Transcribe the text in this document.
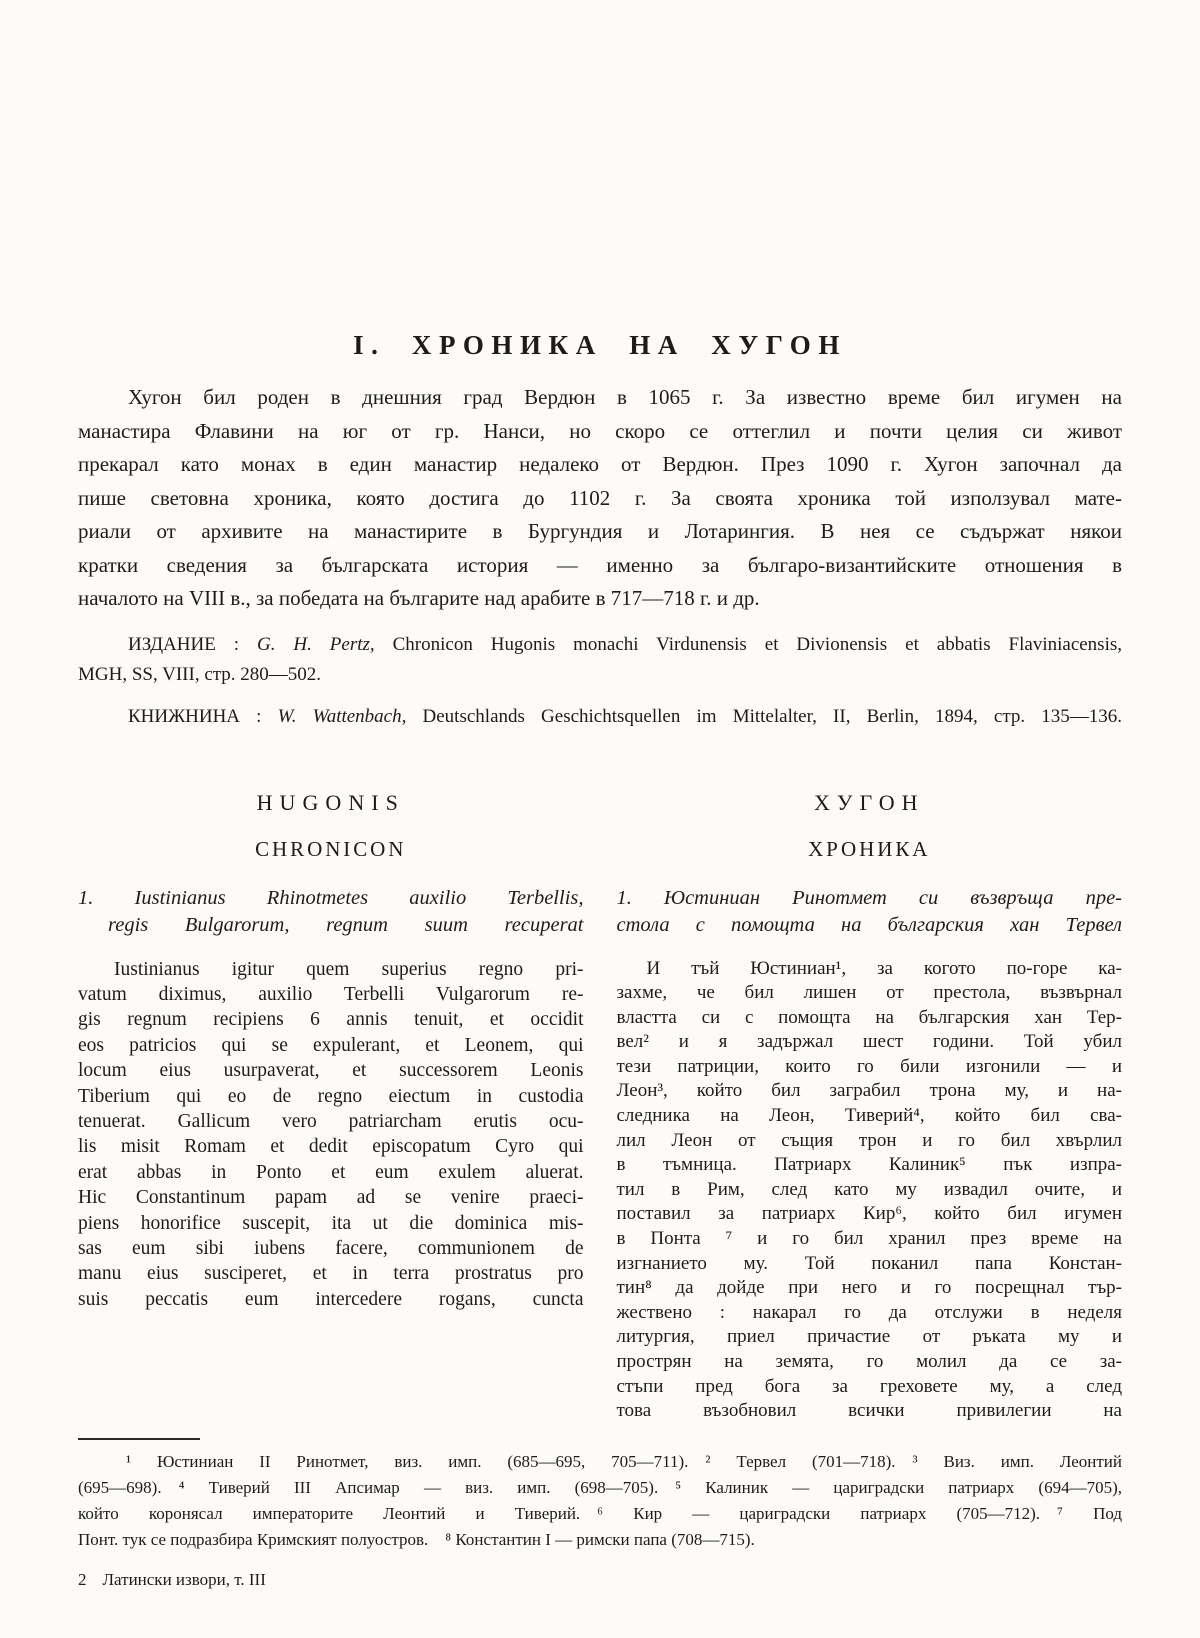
I. ХРОНИКА НА ХУГОН
Хугон бил роден в днешния град Вердюн в 1065 г. За известно време бил игумен на
манастира Флавини на юг от гр. Нанси, но скоро се оттеглил и почти целия си живот
прекарал като монах в един манастир недалеко от Вердюн. През 1090 г. Хугон започнал да
пише световна хроника, която достига до 1102 г. За своята хроника той използувал мате-
риали от архивите на манастирите в Бургундия и Лотарингия. В нея се съдържат някои
кратки сведения за българската история — именно за българо-византийските отношения в
началото на VIII в., за победата на българите над арабите в 717—718 г. и др.

ИЗДАНИЕ : G. H. Pertz, Chronicon Hugonis monachi Virdunensis et Divionensis et abbatis Flaviniacensis,

MGH, SS, VIII, стр. 280—502.

КНИЖНИНА : W. Wattenbach, Deutschlands Geschichtsquellen im Mittelalter, II, Berlin, 1894, стр. 135—136.

HUGONIS
CHRONICON
1. Iustinianus Rhinotmetes auxilio Terbellis,
regis Bulgarorum, regnum suum recuperat
Iustinianus igitur quem superius regno pri-
vatum diximus, auxilio Terbelli Vulgarorum re-
gis regnum recipiens 6 annis tenuit, et occidit
eos patricios qui se expulerant, et Leonem, qui
locum eius usurpaverat, et successorem Leonis
Tiberium qui eo de regno eiectum in custodia
tenuerat. Gallicum vero patriarcham erutis ocu-
lis misit Romam et dedit episcopatum Cyro qui
erat abbas in Ponto et eum exulem aluerat.
Hic Constantinum papam ad se venire praeci-
piens honorifice suscepit, ita ut die dominica mis-
sas eum sibi iubens facere, communionem de
manu eius susciperet, et in terra prostratus pro
suis peccatis eum intercedere rogans, cuncta
ХУГОН
ХРОНИКА
1. Юстиниан Ринотмет си възвръща пре-
стола с помощта на българския хан Тервел
И тъй Юстиниан¹, за когото по-горе ка-
захме, че бил лишен от престола, възвърнал
властта си с помощта на българския хан Тер-
вел² и я задържал шест години. Той убил
тези патриции, които го били изгонили — и
Леон³, който бил заграбил трона му, и на-
следника на Леон, Тиверий⁴, който бил сва-
лил Леон от същия трон и го бил хвърлил
в тъмница. Патриарх Калиник⁵ пък изпра-
тил в Рим, след като му извадил очите, и
поставил за патриарх Кир⁶, който бил игумен
в Понта ⁷ и го бил хранил през време на
изгнанието му. Той поканил папа Констан-
тин⁸ да дойде при него и го посрещнал тър-
жествено : накарал го да отслужи в неделя
литургия, приел причастие от ръката му и
прострян на земята, го молил да се за-
стъпи пред бога за греховете му, а след
това възобновил всички привилегии на
¹ Юстиниан II Ринотмет, виз. имп. (685—695, 705—711). ² Тервел (701—718). ³ Виз. имп. Леонтий
(695—698). ⁴ Тиверий III Апсимар — виз. имп. (698—705). ⁵ Калиник — цариградски патриарх (694—705),
който коронясал императорите Леонтий и Тиверий. ⁶ Кир — цариградски патриарх (705—712). ⁷ Под
Понт. тук се подразбира Кримският полуостров. ⁸ Константин I — римски папа (708—715).
2 Латински извори, т. III
